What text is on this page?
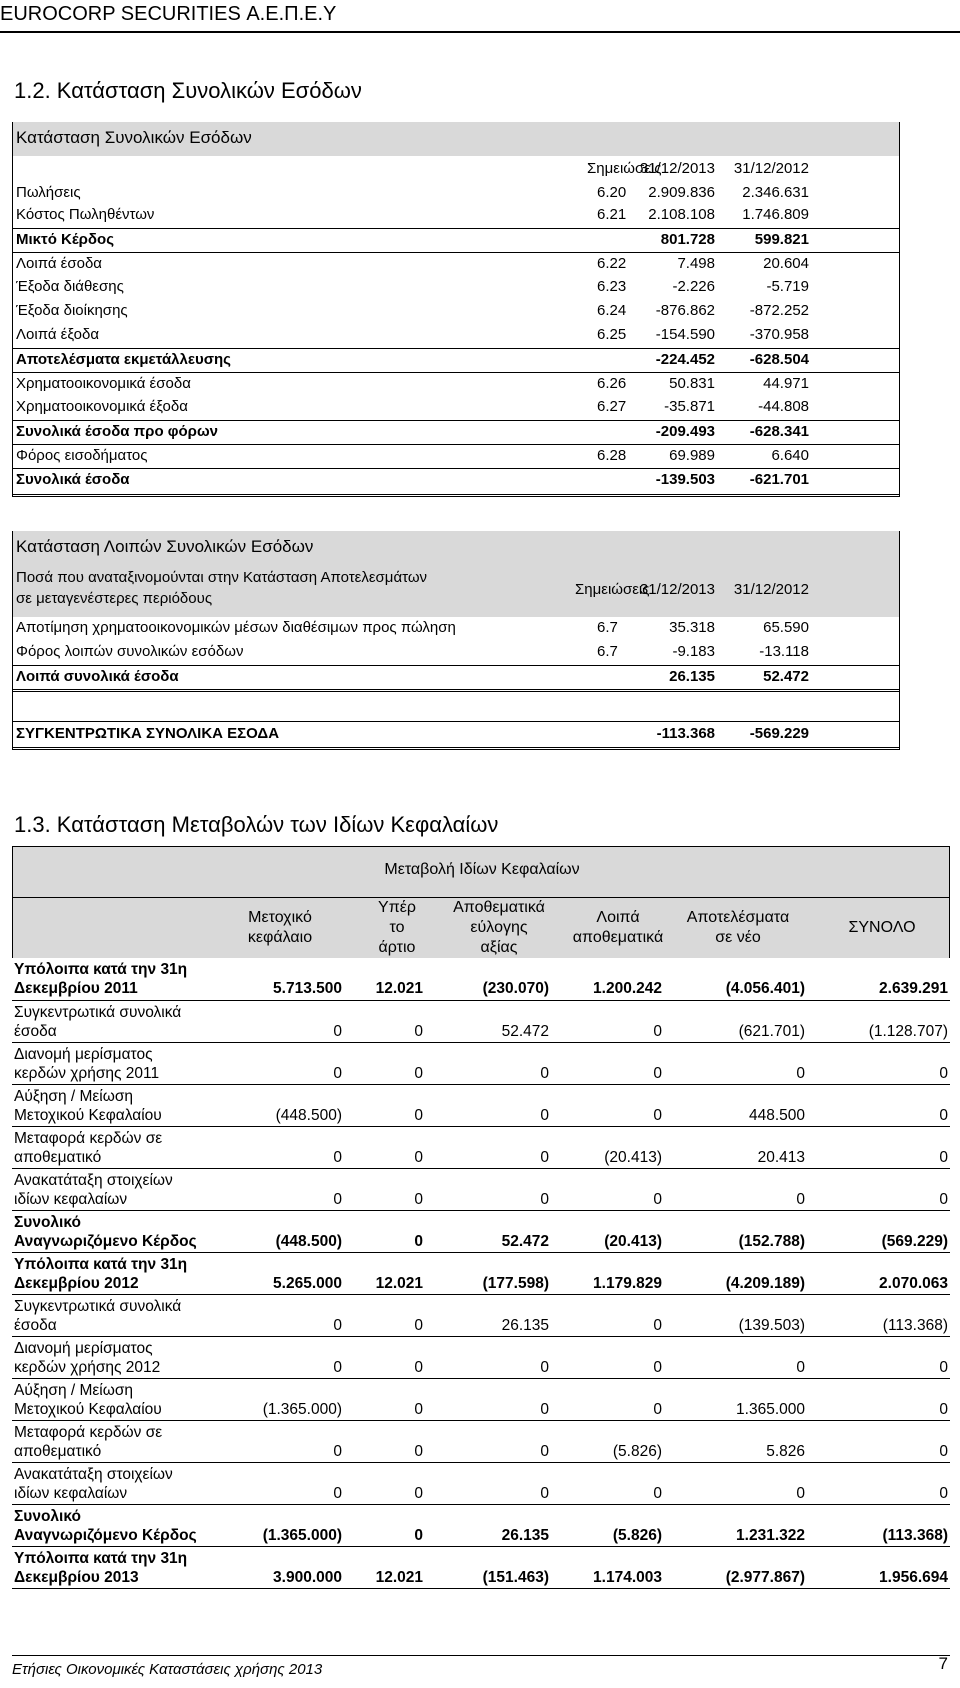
EUROCORP SECURITIES Α.Ε.Π.Ε.Υ
1.2. Κατάσταση Συνολικών Εσόδων
Κατάσταση Συνολικών Εσόδων
Σημειώσεις
31/12/2013 31/12/2012
Πωλήσεις	6.20 2.909.836 2.346.631
Κόστος Πωληθέντων	6.21 2.108.108 1.746.809
Μικτό Κέρδος	801.728	599.821
Λοιπά έσοδα	6.22	7.498	20.604
Έξοδα διάθεσης	6.23	-2.226	-5.719
Έξοδα διοίκησης	6.24 -876.862 -872.252
Λοιπά έξοδα	6.25 -154.590 -370.958
Αποτελέσματα εκμετάλλευσης	-224.452 -628.504
Χρηματοοικονομικά έσοδα	6.26	50.831	44.971
Χρηματοοικονομικά έξοδα	6.27	-35.871	-44.808
Συνολικά έσοδα προ φόρων	-209.493 -628.341
Φόρος εισοδήματος	6.28	69.989	6.640
Συνολικά έσοδα	-139.503 -621.701
Κατάσταση Λοιπών Συνολικών Εσόδων
Ποσά που αναταξινομούνται στην Κατάσταση Αποτελεσμάτων
σε μεταγενέστερες περιόδους
Σημειώσεις
31/12/2013 31/12/2012
Αποτίμηση χρηματοοικονομικών μέσων διαθέσιμων προς πώληση	6.7	35.318	65.590
Φόρος λοιπών συνολικών εσόδων	6.7	-9.183	-13.118
Λοιπά συνολικά έσοδα	26.135	52.472
ΣΥΓΚΕΝΤΡΩΤΙΚΑ ΣΥΝΟΛΙΚΑ ΕΣΟΔΑ	-113.368 -569.229
1.3. Κατάσταση Μεταβολών των Ιδίων Κεφαλαίων
Μεταβολή Ιδίων Κεφαλαίων
Μετοχικό
κεφάλαιο
Υπέρ
το
άρτιο
Αποθεματικά
εύλογης
αξίας
Λοιπά
αποθεματικά
Αποτελέσματα
σε νέο
ΣΥΝΟΛΟ
Υπόλοιπα κατά την 31η
Δεκεμβρίου 2011	5.713.500 12.021	(230.070)	1.200.242	(4.056.401)	2.639.291
Συγκεντρωτικά συνολικά
έσοδα	0	0	52.472	0	(621.701)	(1.128.707)
Διανομή μερίσματος
κερδών χρήσης 2011	0	0	0	0	0	0
Αύξηση / Μείωση
Μετοχικού Κεφαλαίου	(448.500)	0	0	0	448.500	0
Μεταφορά κερδών σε
αποθεματικό	0	0	0	(20.413)	20.413	0
Ανακατάταξη στοιχείων
ιδίων κεφαλαίων	0	0	0	0	0	0
Συνολικό
Αναγνωριζόμενο Κέρδος	(448.500)	0	52.472	(20.413)	(152.788)	(569.229)
Υπόλοιπα κατά την 31η
Δεκεμβρίου 2012	5.265.000 12.021	(177.598)	1.179.829	(4.209.189)	2.070.063
Συγκεντρωτικά συνολικά
έσοδα	0	0	26.135	0	(139.503)	(113.368)
Διανομή μερίσματος
κερδών χρήσης 2012	0	0	0	0	0	0
Αύξηση / Μείωση
Μετοχικού Κεφαλαίου	(1.365.000)	0	0	0	1.365.000	0
Μεταφορά κερδών σε
αποθεματικό	0	0	0	(5.826)	5.826	0
Ανακατάταξη στοιχείων
ιδίων κεφαλαίων	0	0	0	0	0	0
Συνολικό
Αναγνωριζόμενο Κέρδος	(1.365.000)	0	26.135	(5.826)	1.231.322	(113.368)
Υπόλοιπα κατά την 31η
Δεκεμβρίου 2013	3.900.000 12.021	(151.463)	1.174.003	(2.977.867)	1.956.694
Ετήσιες Οικονομικές Καταστάσεις χρήσης 2013	7
